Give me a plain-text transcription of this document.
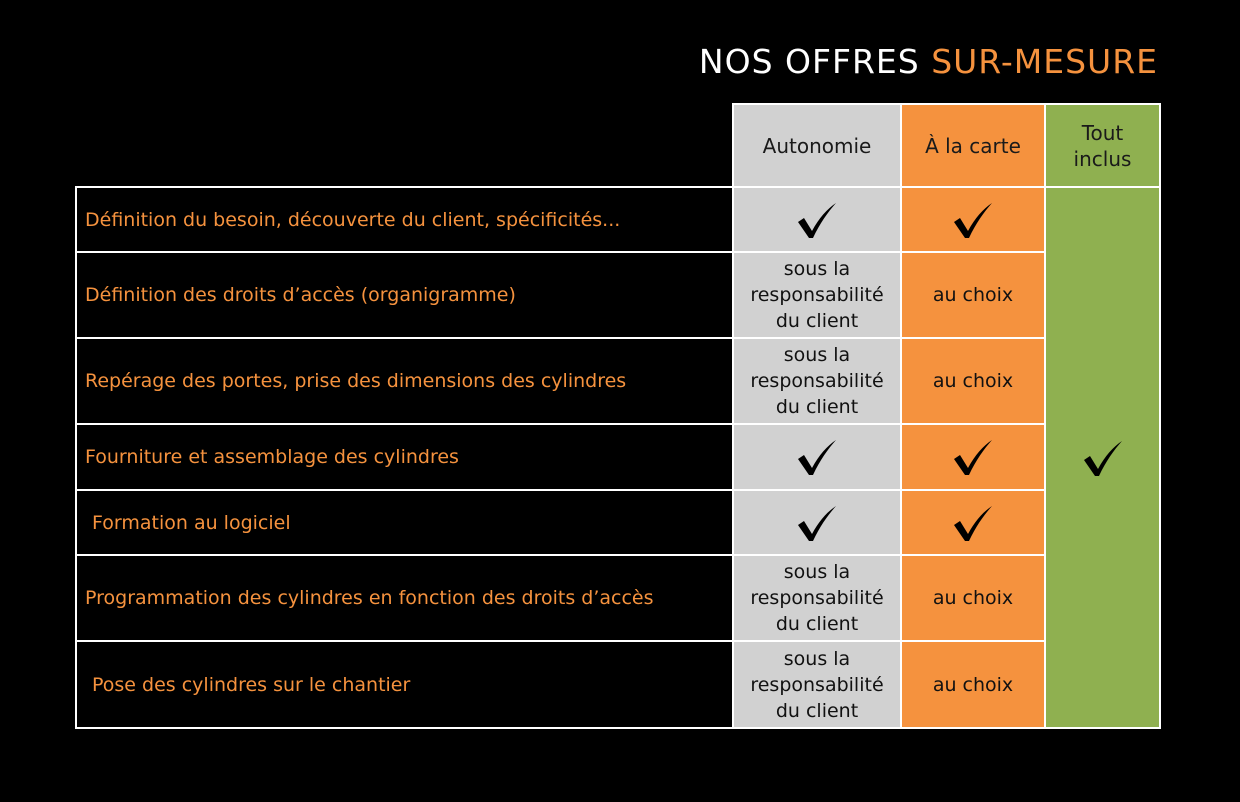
NOS OFFRES SUR-MESURE
Autonomie	À la carte
Tout
inclus
Définition du besoin, découverte du client, spécificités...
Définition des droits d’accès (organigramme)
sous la
responsabilité
du client
au choix
Repérage des portes, prise des dimensions des cylindres
sous la
responsabilité
du client
au choix
Fourniture et assemblage des cylindres
Formation au logiciel
Programmation des cylindres en fonction des droits d’accès
sous la
responsabilité
du client
au choix
Pose des cylindres sur le chantier
sous la
responsabilité
du client
au choix
